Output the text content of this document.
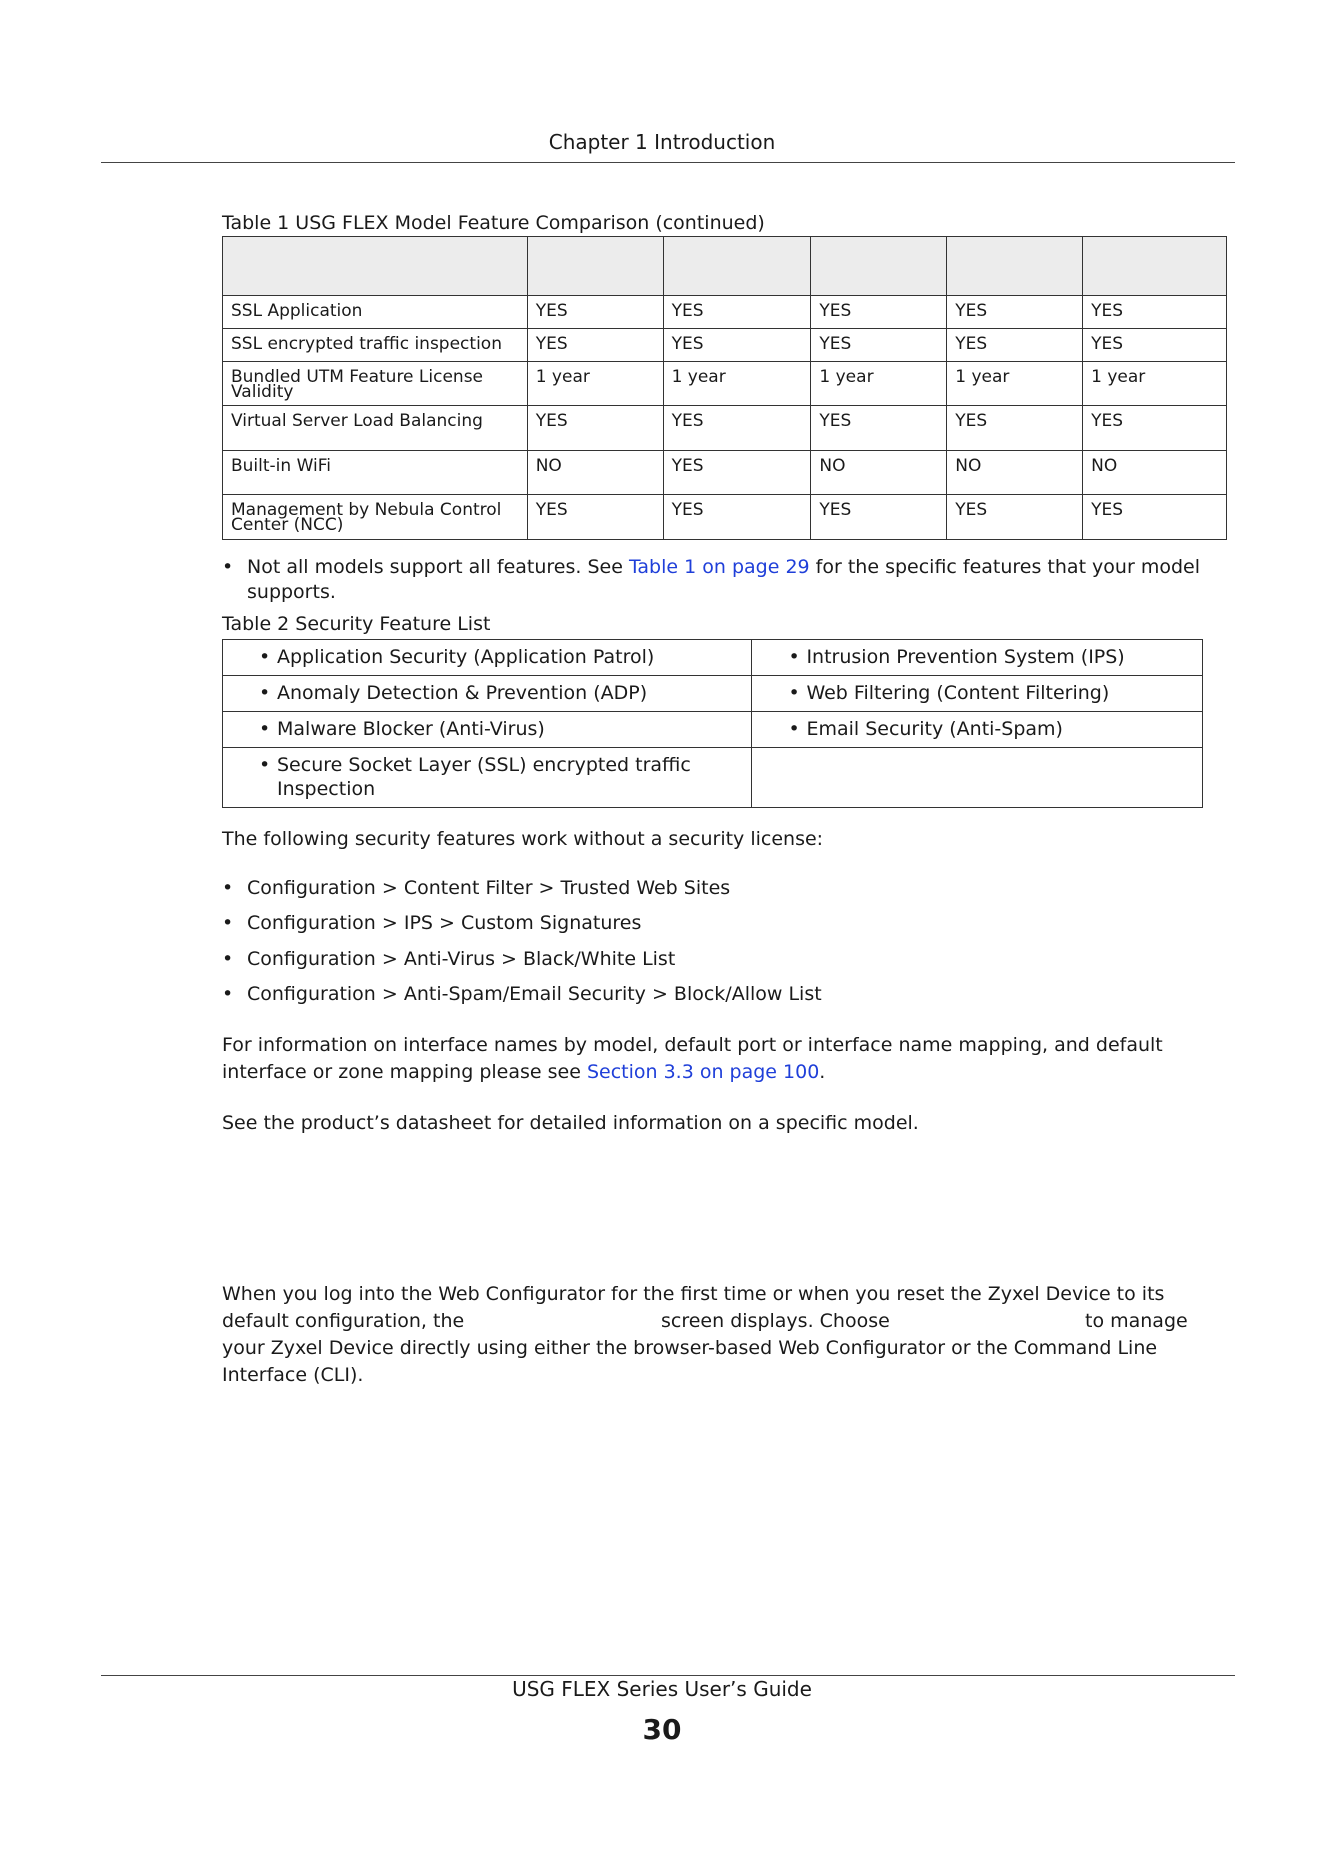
Chapter 1 Introduction
Table 1 USG FLEX Model Feature Comparison (continued)

SSL Application	YES	YES	YES	YES	YES
SSL encrypted traffic inspection	YES	YES	YES	YES	YES
Bundled UTM Feature License Validity	1 year	1 year	1 year	1 year	1 year
Virtual Server Load Balancing	YES	YES	YES	YES	YES
Built-in WiFi	NO	YES	NO	NO	NO
Management by Nebula Control Center (NCC)	YES	YES	YES	YES	YES
• Not all models support all features. See Table 1 on page 29 for the specific features that your model supports.
Table 2 Security Feature List
• Application Security (Application Patrol)	• Intrusion Prevention System (IPS)

• Anomaly Detection & Prevention (ADP)	• Web Filtering (Content Filtering)

• Malware Blocker (Anti-Virus)	• Email Security (Anti-Spam)

• Secure Socket Layer (SSL) encrypted traffic Inspection	

The following security features work without a security license:
• Configuration > Content Filter > Trusted Web Sites
• Configuration > IPS > Custom Signatures
• Configuration > Anti-Virus > Black/White List
• Configuration > Anti-Spam/Email Security > Block/Allow List
For information on interface names by model, default port or interface name mapping, and default interface or zone mapping please see Section 3.3 on page 100.
See the product’s datasheet for detailed information on a specific model.
When you log into the Web Configurator for the first time or when you reset the Zyxel Device to its
default configuration, the	screen displays. Choose	to manage
your Zyxel Device directly using either the browser-based Web Configurator or the Command Line
Interface (CLI).
USG FLEX Series User’s Guide
30
